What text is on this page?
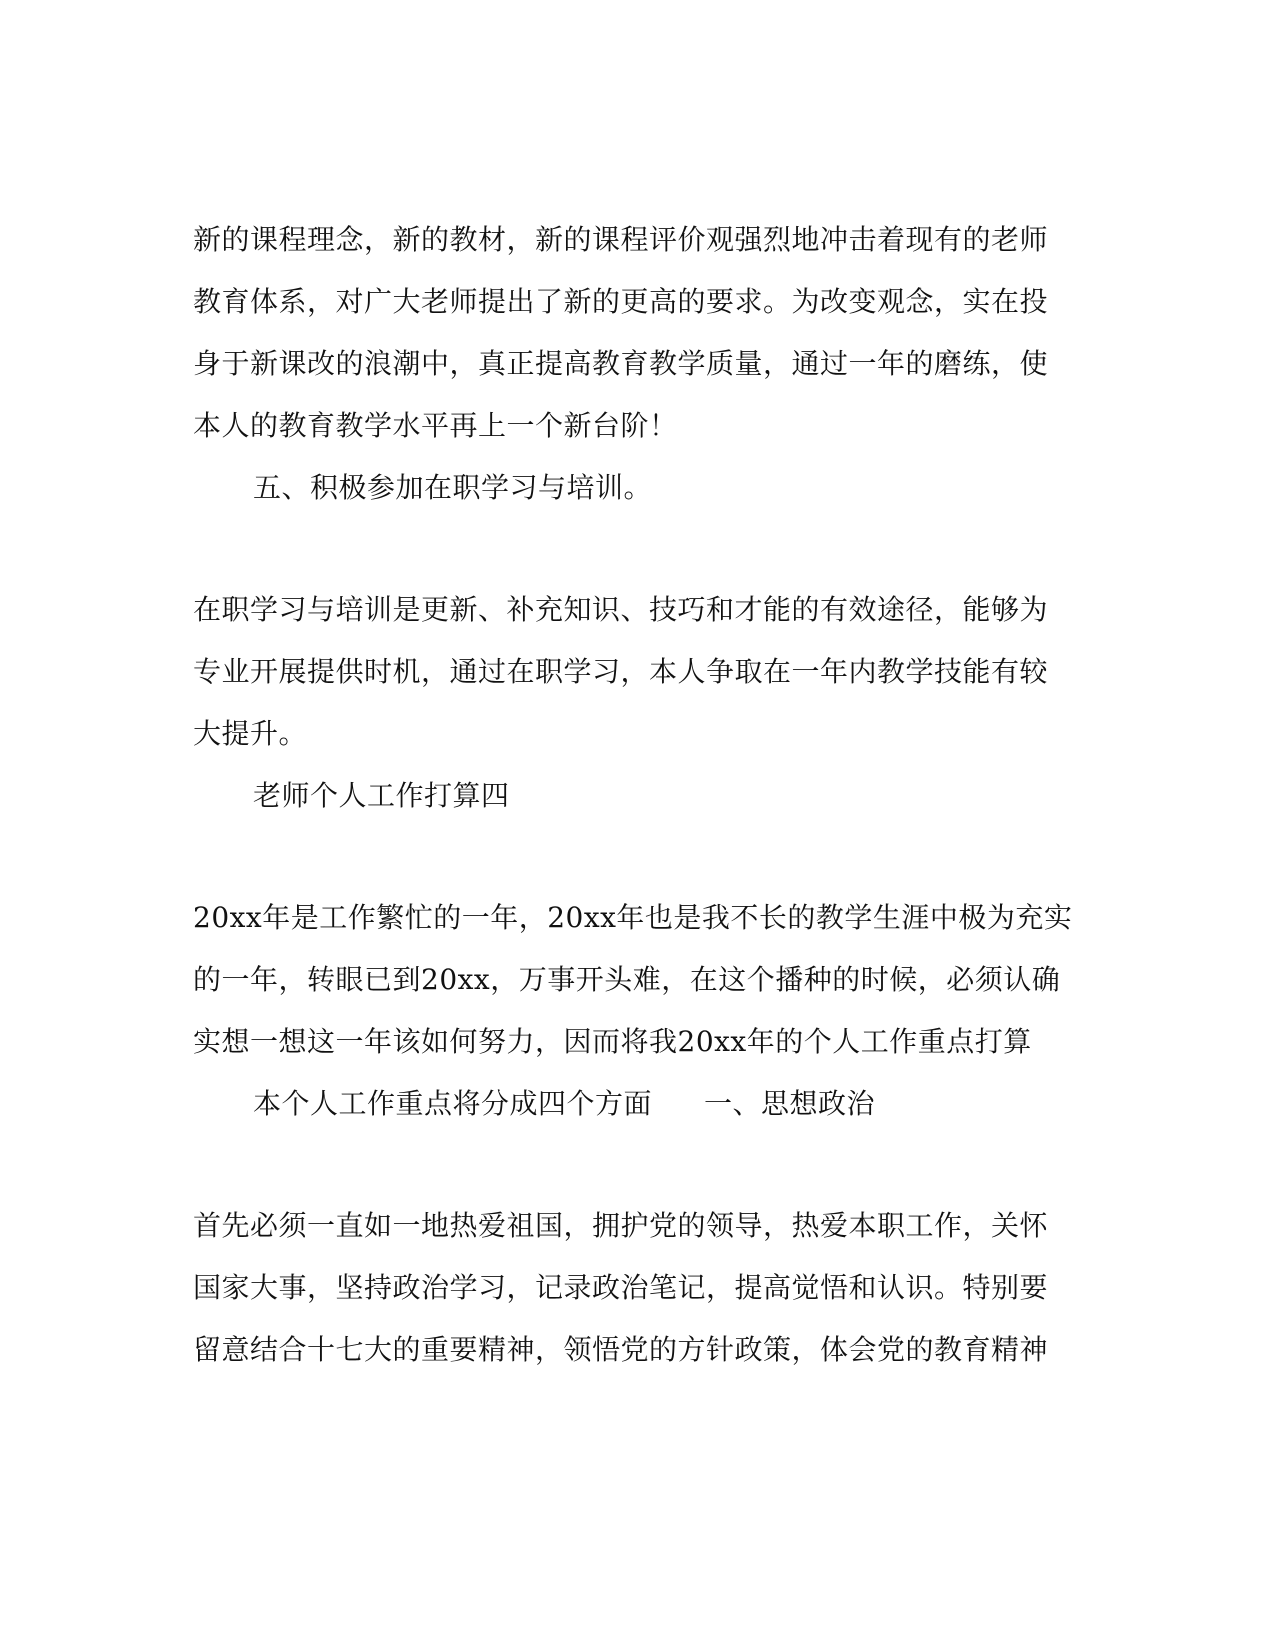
新的课程理念，新的教材，新的课程评价观强烈地冲击着现有的老师
教育体系，对广大老师提出了新的更高的要求。为改变观念，实在投
身于新课改的浪潮中，真正提高教育教学质量，通过一年的磨练，使
本人的教育教学水平再上一个新台阶！
五、积极参加在职学习与培训。
在职学习与培训是更新、补充知识、技巧和才能的有效途径，能够为
专业开展提供时机，通过在职学习，本人争取在一年内教学技能有较
大提升。
老师个人工作打算四
20xx年是工作繁忙的一年，20xx年也是我不长的教学生涯中极为充实
的一年，转眼已到20xx，万事开头难，在这个播种的时候，必须认确
实想一想这一年该如何努力，因而将我20xx年的个人工作重点打算
本个人工作重点将分成四个方面 一、思想政治
首先必须一直如一地热爱祖国，拥护党的领导，热爱本职工作，关怀
国家大事，坚持政治学习，记录政治笔记，提高觉悟和认识。特别要
留意结合十七大的重要精神，领悟党的方针政策，体会党的教育精神
